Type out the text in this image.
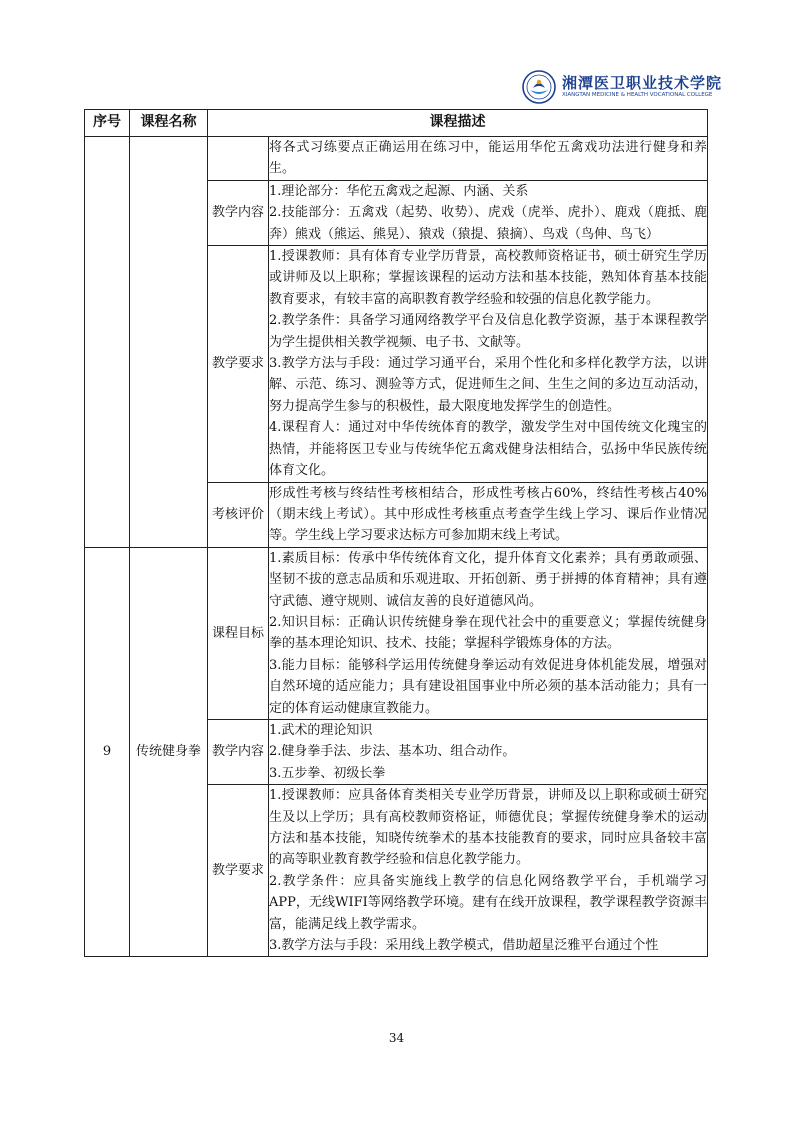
湘潭医卫职业技术学院
XIANGTAN MEDICINE & HEALTH VOCATIONAL COLLEGE
序号	课程名称	课程描述	

			将各式习练要点正确运用在练习中，能运用华佗五禽戏功法进行健身和养生。

		教学内容	1.理论部分：华佗五禽戏之起源、内涵、关系
2.技能部分：五禽戏（起势、收势）、虎戏（虎举、虎扑）、鹿戏（鹿抵、鹿奔）熊戏（熊运、熊晃）、猿戏（猿提、猿摘）、鸟戏（鸟伸、鸟飞）

		教学要求	1.授课教师：具有体育专业学历背景，高校教师资格证书，硕士研究生学历或讲师及以上职称；掌握该课程的运动方法和基本技能，熟知体育基本技能教育要求，有较丰富的高职教育教学经验和较强的信息化教学能力。
2.教学条件：具备学习通网络教学平台及信息化教学资源，基于本课程教学为学生提供相关教学视频、电子书、文献等。
3.教学方法与手段：通过学习通平台，采用个性化和多样化教学方法，以讲解、示范、练习、测验等方式，促进师生之间、生生之间的多边互动活动，努力提高学生参与的积极性，最大限度地发挥学生的创造性。
4.课程育人：通过对中华传统体育的教学，激发学生对中国传统文化瑰宝的热情，并能将医卫专业与传统华佗五禽戏健身法相结合，弘扬中华民族传统体育文化。

		考核评价	形成性考核与终结性考核相结合，形成性考核占60%，终结性考核占40%（期末线上考试）。其中形成性考核重点考查学生线上学习、课后作业情况等。学生线上学习要求达标方可参加期末线上考试。

9	传统健身拳	课程目标	1.素质目标：传承中华传统体育文化，提升体育文化素养；具有勇敢顽强、坚韧不拔的意志品质和乐观进取、开拓创新、勇于拼搏的体育精神；具有遵守武德、遵守规则、诚信友善的良好道德风尚。
2.知识目标：正确认识传统健身拳在现代社会中的重要意义；掌握传统健身拳的基本理论知识、技术、技能；掌握科学锻炼身体的方法。
3.能力目标：能够科学运用传统健身拳运动有效促进身体机能发展，增强对自然环境的适应能力；具有建设祖国事业中所必须的基本活动能力；具有一定的体育运动健康宣教能力。

		教学内容	1.武术的理论知识
2.健身拳手法、步法、基本功、组合动作。
3.五步拳、初级长拳

		教学要求	1.授课教师：应具备体育类相关专业学历背景，讲师及以上职称或硕士研究生及以上学历；具有高校教师资格证，师德优良；掌握传统健身拳术的运动方法和基本技能，知晓传统拳术的基本技能教育的要求，同时应具备较丰富的高等职业教育教学经验和信息化教学能力。
2.教学条件：应具备实施线上教学的信息化网络教学平台，手机端学习APP，无线WIFI等网络教学环境。建有在线开放课程，教学课程教学资源丰富，能满足线上教学需求。
3.教学方法与手段：采用线上教学模式，借助超星泛雅平台通过个性
34
